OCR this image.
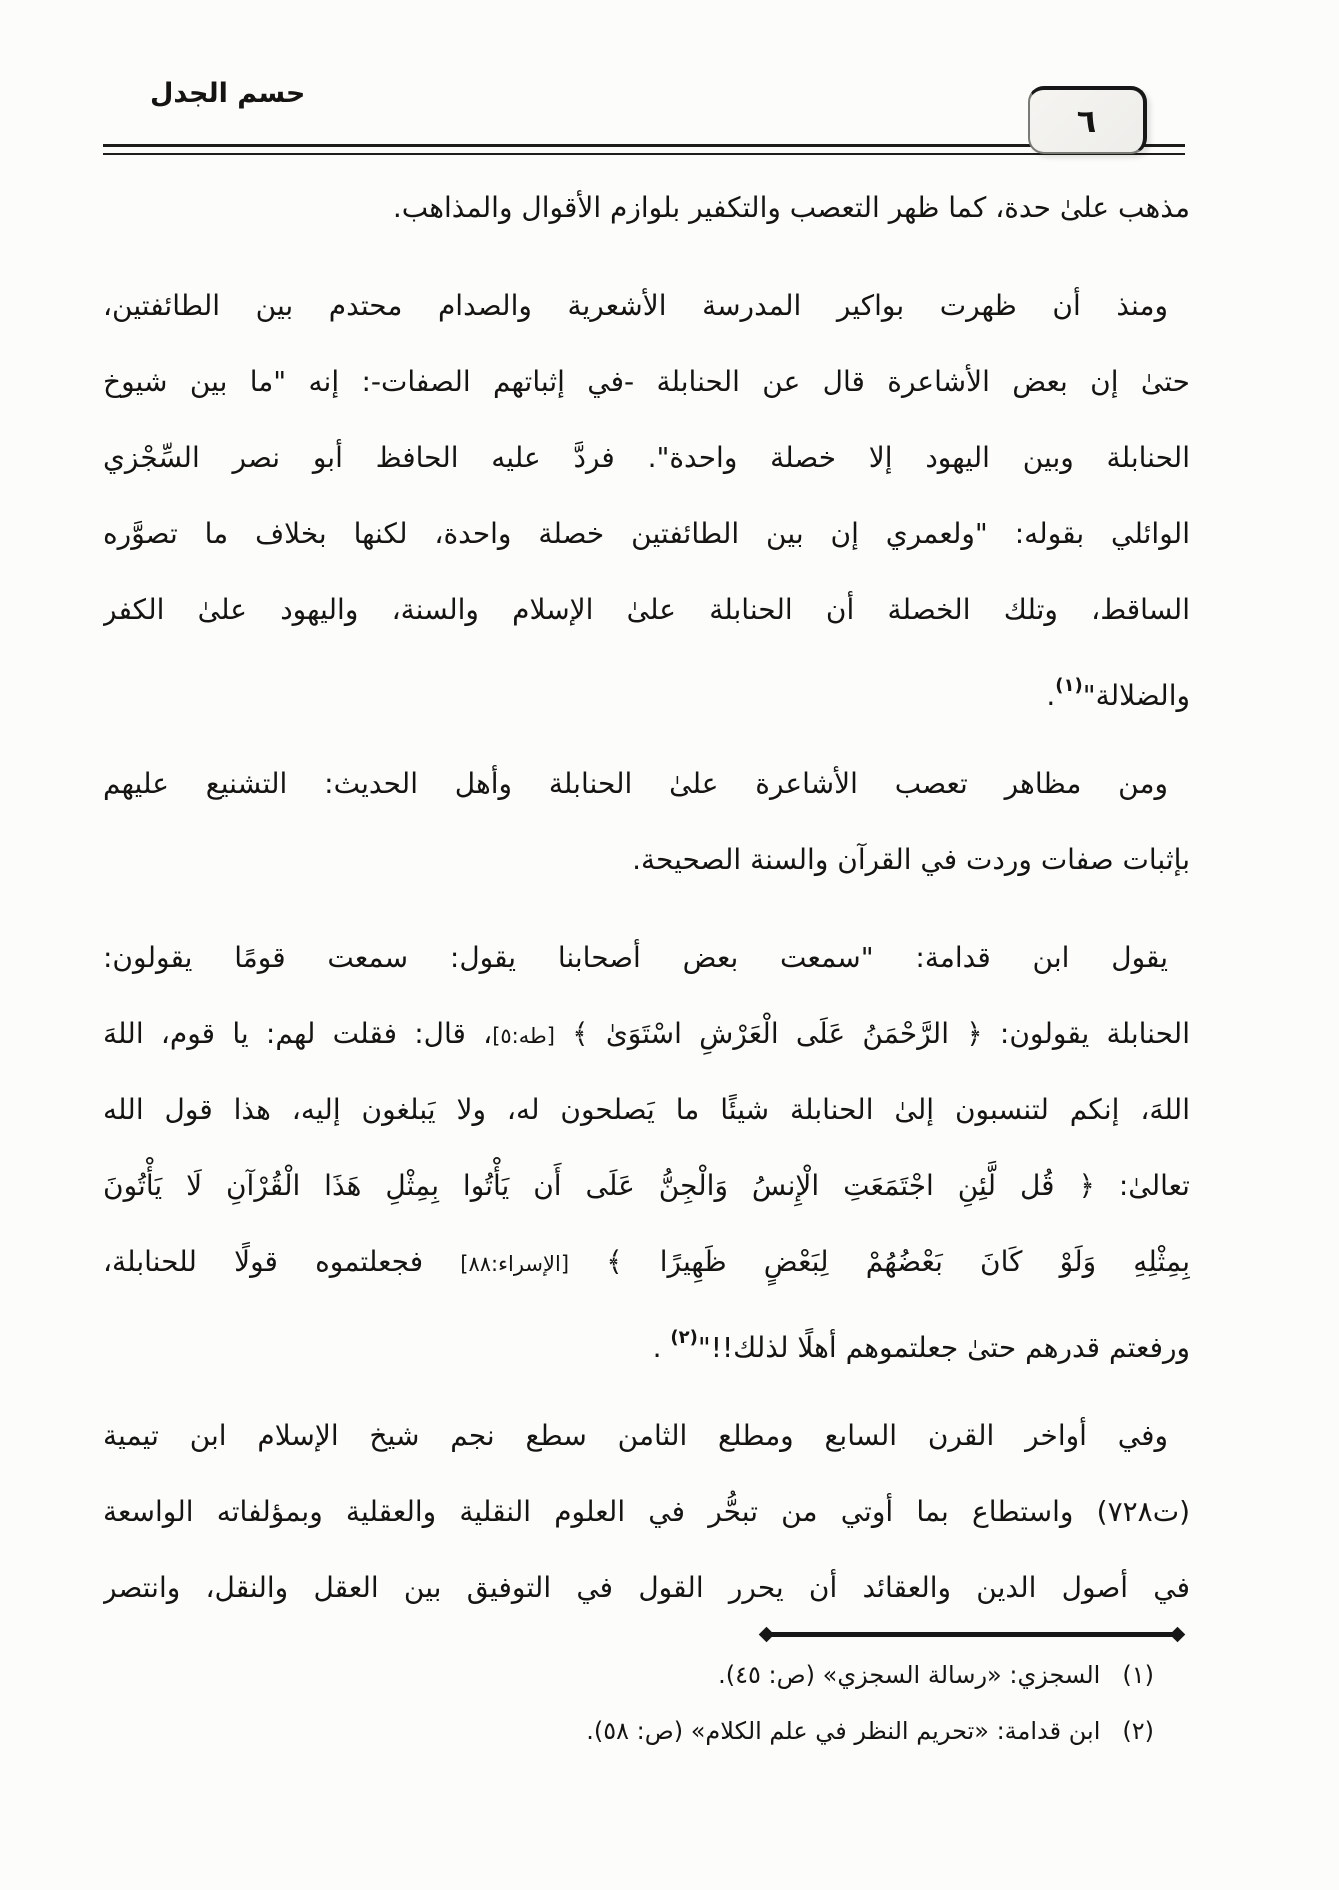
حسم الجدل
٦
مذهب علىٰ حدة، كما ظهر التعصب والتكفير بلوازم الأقوال والمذاهب.
ومنذ أن ظهرت بواكير المدرسة الأشعرية والصدام محتدم بين الطائفتين،
حتىٰ إن بعض الأشاعرة قال عن الحنابلة -في إثباتهم الصفات-: إنه "ما بين شيوخ
الحنابلة وبين اليهود إلا خصلة واحدة". فردَّ عليه الحافظ أبو نصر السِّجْزي
الوائلي بقوله: "ولعمري إن بين الطائفتين خصلة واحدة، لكنها بخلاف ما تصوَّره
الساقط، وتلك الخصلة أن الحنابلة علىٰ الإسلام والسنة، واليهود علىٰ الكفر
والضلالة"$^{(١)}$.
ومن مظاهر تعصب الأشاعرة علىٰ الحنابلة وأهل الحديث: التشنيع عليهم
بإثبات صفات وردت في القرآن والسنة الصحيحة.
يقول ابن قدامة: "سمعت بعض أصحابنا يقول: سمعت قومًا يقولون:
الحنابلة يقولون: ﴿ الرَّحْمَنُ عَلَى الْعَرْشِ اسْتَوَىٰ ﴾ [طه:٥]، قال: فقلت لهم: يا قوم، اللهَ
اللهَ، إنكم لتنسبون إلىٰ الحنابلة شيئًا ما يَصلحون له، ولا يَبلغون إليه، هذا قول الله
تعالىٰ: ﴿ قُل لَّئِنِ اجْتَمَعَتِ الْإِنسُ وَالْجِنُّ عَلَى أَن يَأْتُوا بِمِثْلِ هَذَا الْقُرْآنِ لَا يَأْتُونَ
بِمِثْلِهِ وَلَوْ كَانَ بَعْضُهُمْ لِبَعْضٍ ظَهِيرًا ﴾ [الإسراء:٨٨] فجعلتموه قولًا للحنابلة،
ورفعتم قدرهم حتىٰ جعلتموهم أهلًا لذلك!!"$^{(٢)}$ .
وفي أواخر القرن السابع ومطلع الثامن سطع نجم شيخ الإسلام ابن تيمية
(ت٧٢٨) واستطاع بما أوتي من تبحُّر في العلوم النقلية والعقلية وبمؤلفاته الواسعة
في أصول الدين والعقائد أن يحرر القول في التوفيق بين العقل والنقل، وانتصر
(١)السجزي: «رسالة السجزي» (ص: ٤٥).
(٢)ابن قدامة: «تحريم النظر في علم الكلام» (ص: ٥٨).
